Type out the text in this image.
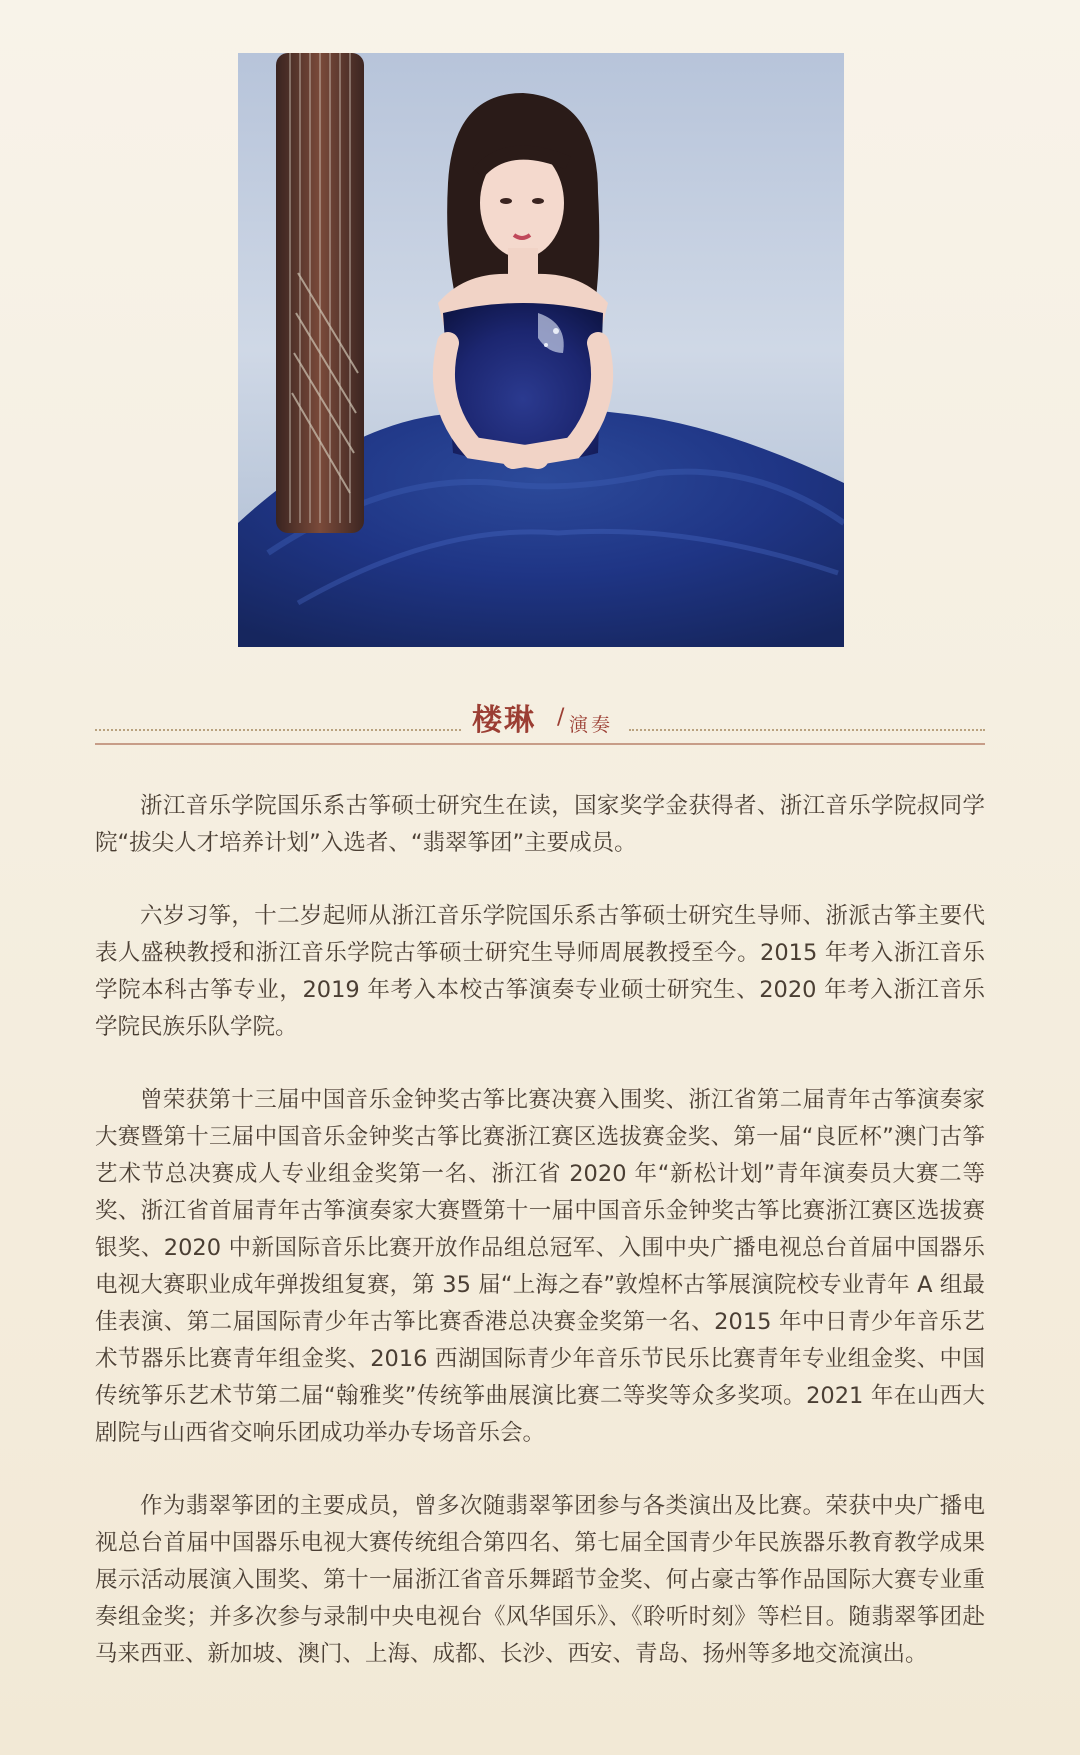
楼琳 / 演奏

浙江音乐学院国乐系古筝硕士研究生在读，国家奖学金获得者、浙江音乐学院叔同学院“拔尖人才培养计划”入选者、“翡翠筝团”主要成员。

六岁习筝，十二岁起师从浙江音乐学院国乐系古筝硕士研究生导师、浙派古筝主要代表人盛秧教授和浙江音乐学院古筝硕士研究生导师周展教授至今。2015 年考入浙江音乐学院本科古筝专业，2019 年考入本校古筝演奏专业硕士研究生、2020 年考入浙江音乐学院民族乐队学院。

曾荣获第十三届中国音乐金钟奖古筝比赛决赛入围奖、浙江省第二届青年古筝演奏家大赛暨第十三届中国音乐金钟奖古筝比赛浙江赛区选拔赛金奖、第一届“良匠杯”澳门古筝艺术节总决赛成人专业组金奖第一名、浙江省 2020 年“新松计划”青年演奏员大赛二等奖、浙江省首届青年古筝演奏家大赛暨第十一届中国音乐金钟奖古筝比赛浙江赛区选拔赛银奖、2020 中新国际音乐比赛开放作品组总冠军、入围中央广播电视总台首届中国器乐电视大赛职业成年弹拨组复赛，第 35 届“上海之春”敦煌杯古筝展演院校专业青年 A 组最佳表演、第二届国际青少年古筝比赛香港总决赛金奖第一名、2015 年中日青少年音乐艺术节器乐比赛青年组金奖、2016 西湖国际青少年音乐节民乐比赛青年专业组金奖、中国传统筝乐艺术节第二届“翰雅奖”传统筝曲展演比赛二等奖等众多奖项。2021 年在山西大剧院与山西省交响乐团成功举办专场音乐会。

作为翡翠筝团的主要成员，曾多次随翡翠筝团参与各类演出及比赛。荣获中央广播电视总台首届中国器乐电视大赛传统组合第四名、第七届全国青少年民族器乐教育教学成果展示活动展演入围奖、第十一届浙江省音乐舞蹈节金奖、何占豪古筝作品国际大赛专业重奏组金奖；并多次参与录制中央电视台《风华国乐》、《聆听时刻》等栏目。随翡翠筝团赴马来西亚、新加坡、澳门、上海、成都、长沙、西安、青岛、扬州等多地交流演出。
